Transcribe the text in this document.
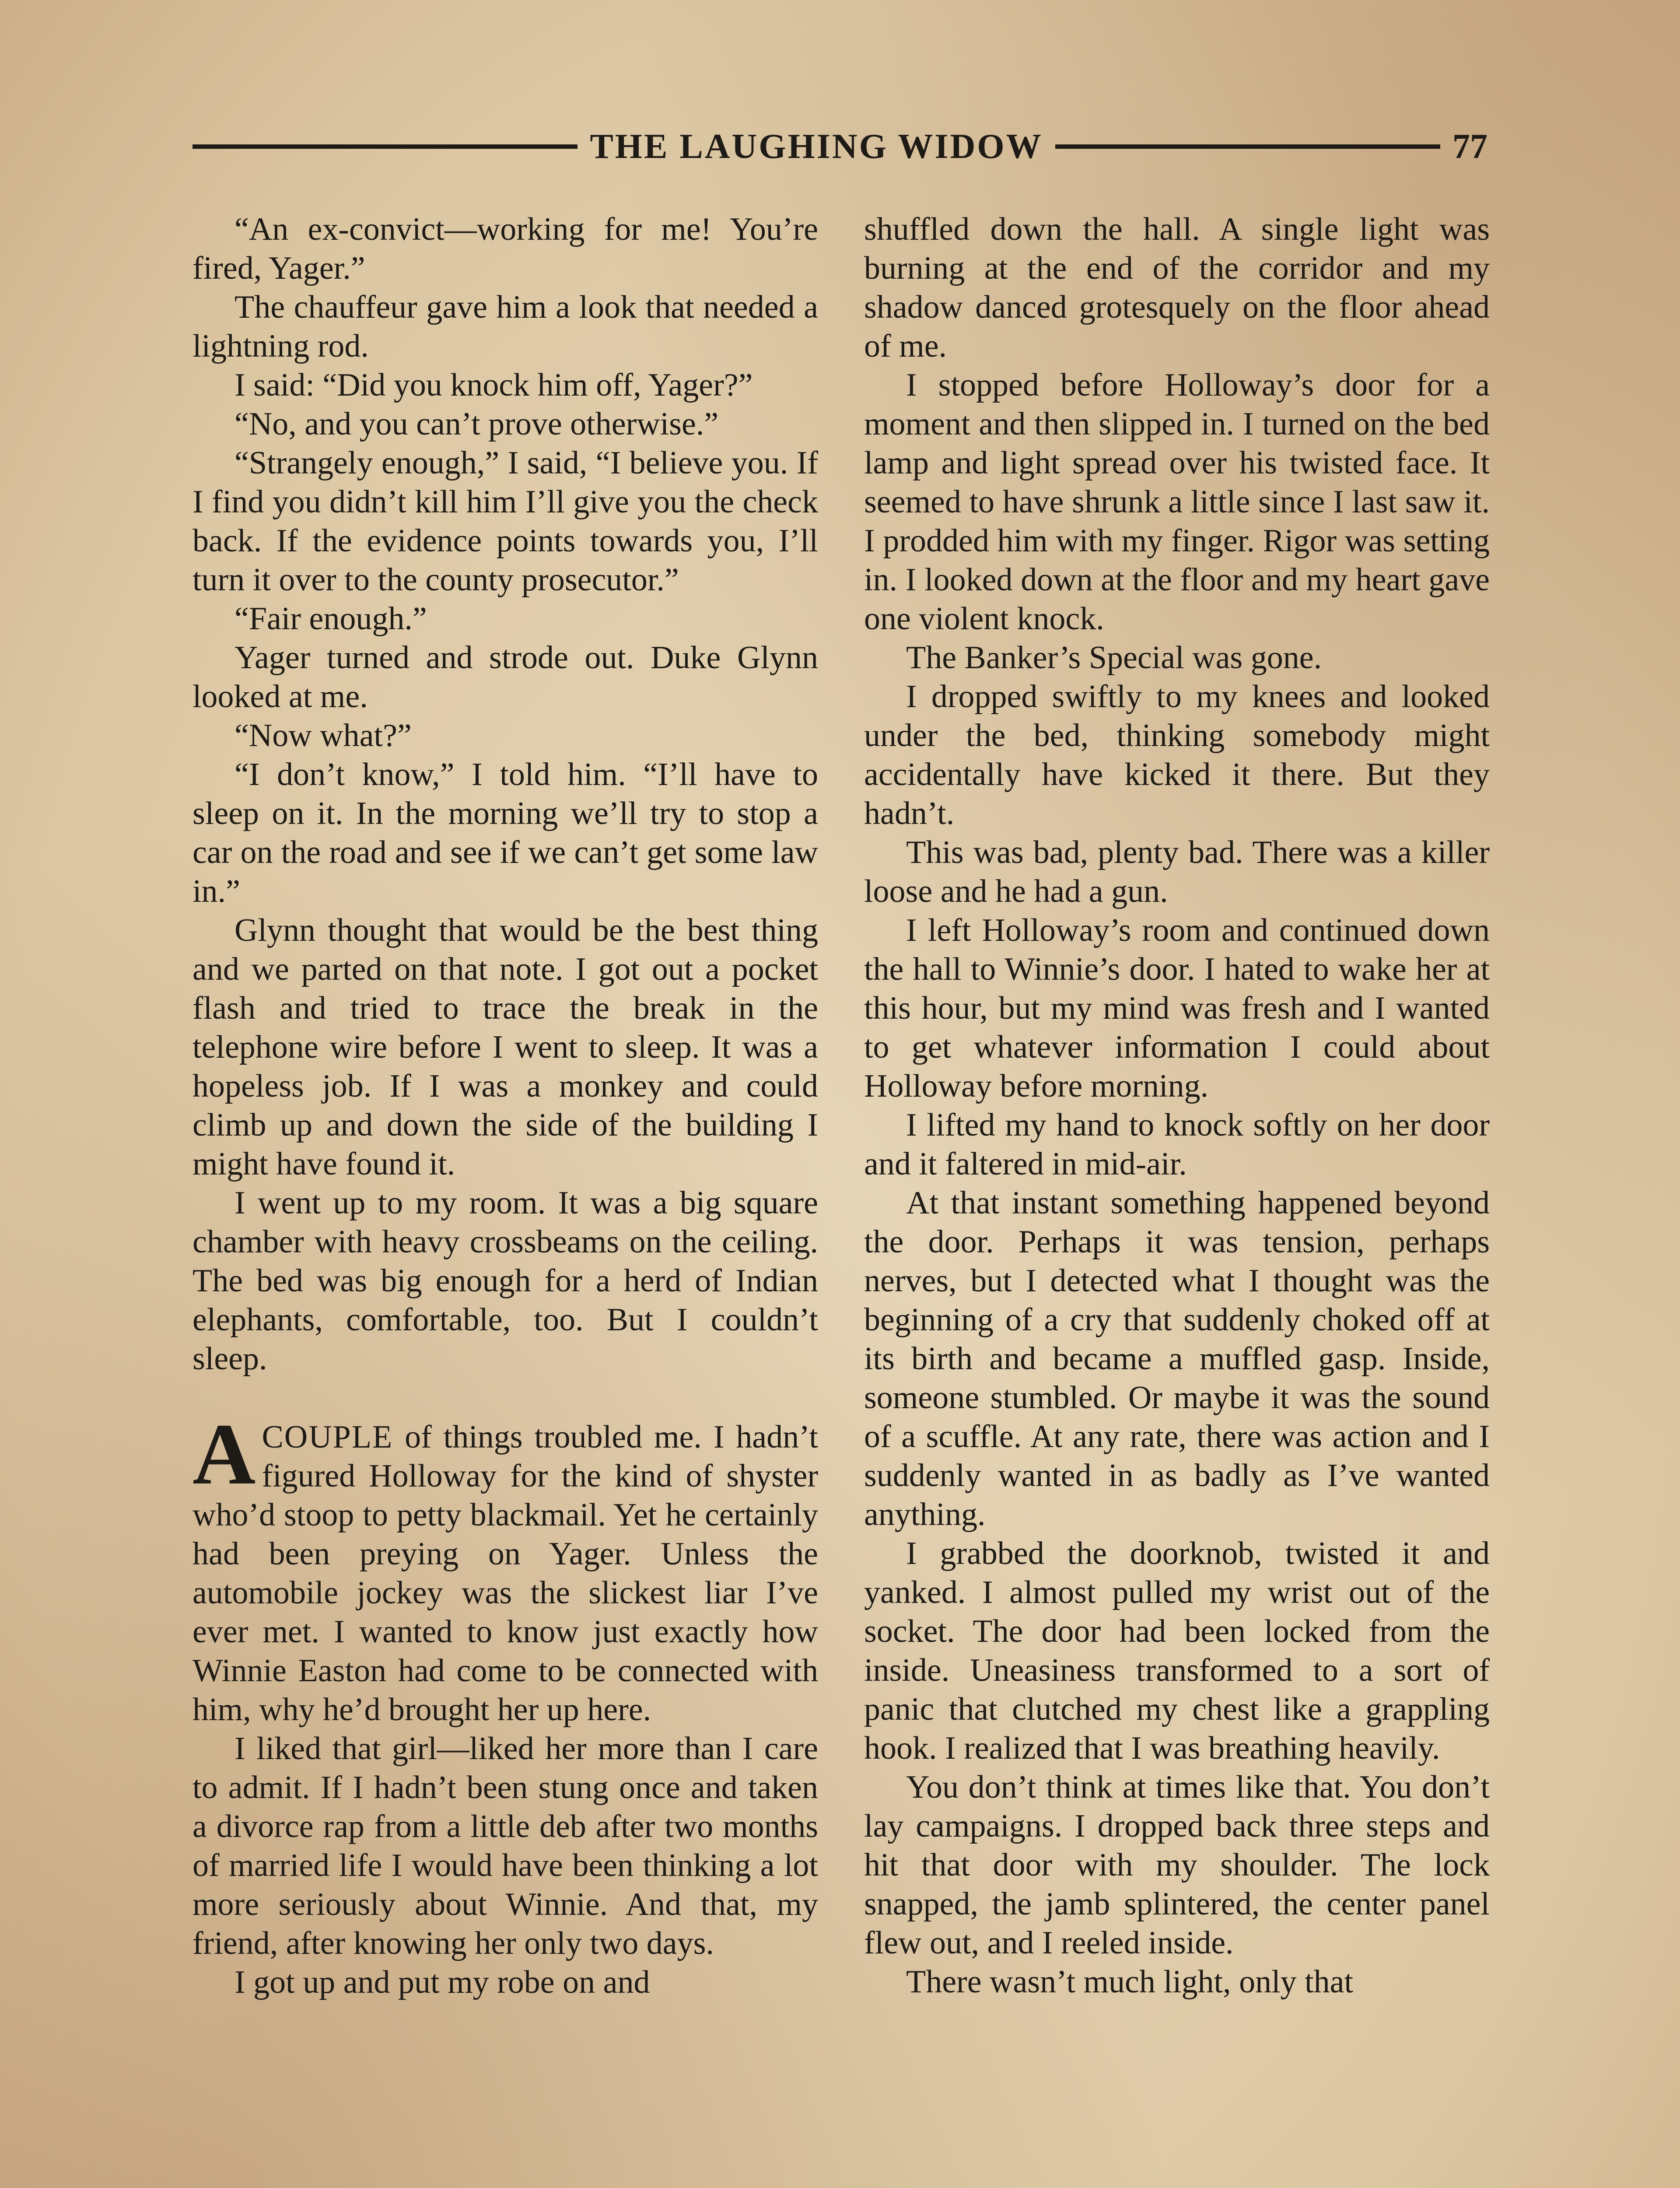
THE LAUGHING WIDOW	77

“An ex-convict—working for me! You’re fired, Yager.”

The chauffeur gave him a look that needed a lightning rod.

I said: “Did you knock him off, Yager?”

“No, and you can’t prove otherwise.”

“Strangely enough,” I said, “I believe you. If I find you didn’t kill him I’ll give you the check back. If the evidence points towards you, I’ll turn it over to the county prosecutor.”

“Fair enough.”

Yager turned and strode out. Duke Glynn looked at me.

“Now what?”

“I don’t know,” I told him. “I’ll have to sleep on it. In the morning we’ll try to stop a car on the road and see if we can’t get some law in.”

Glynn thought that would be the best thing and we parted on that note. I got out a pocket flash and tried to trace the break in the telephone wire before I went to sleep. It was a hopeless job. If I was a monkey and could climb up and down the side of the building I might have found it.

I went up to my room. It was a big square chamber with heavy crossbeams on the ceiling. The bed was big enough for a herd of Indian elephants, comfortable, too. But I couldn’t sleep.

ACOUPLE of things troubled me. I hadn’t figured Holloway for the kind of shyster who’d stoop to petty blackmail. Yet he certainly had been preying on Yager. Unless the automobile jockey was the slickest liar I’ve ever met. I wanted to know just exactly how Winnie Easton had come to be connected with him, why he’d brought her up here.

I liked that girl—liked her more than I care to admit. If I hadn’t been stung once and taken a divorce rap from a little deb after two months of married life I would have been thinking a lot more seriously about Winnie. And that, my friend, after knowing her only two days.

I got up and put my robe on and

shuffled down the hall. A single light was burning at the end of the corridor and my shadow danced grotesquely on the floor ahead of me.

I stopped before Holloway’s door for a moment and then slipped in. I turned on the bed lamp and light spread over his twisted face. It seemed to have shrunk a little since I last saw it. I prodded him with my finger. Rigor was setting in. I looked down at the floor and my heart gave one violent knock.

The Banker’s Special was gone.

I dropped swiftly to my knees and looked under the bed, thinking somebody might accidentally have kicked it there. But they hadn’t.

This was bad, plenty bad. There was a killer loose and he had a gun.

I left Holloway’s room and continued down the hall to Winnie’s door. I hated to wake her at this hour, but my mind was fresh and I wanted to get whatever information I could about Holloway before morning.

I lifted my hand to knock softly on her door and it faltered in mid-air.

At that instant something happened beyond the door. Perhaps it was tension, perhaps nerves, but I detected what I thought was the beginning of a cry that suddenly choked off at its birth and became a muffled gasp. Inside, someone stumbled. Or maybe it was the sound of a scuffle. At any rate, there was action and I suddenly wanted in as badly as I’ve wanted anything.

I grabbed the doorknob, twisted it and yanked. I almost pulled my wrist out of the socket. The door had been locked from the inside. Uneasiness transformed to a sort of panic that clutched my chest like a grappling hook. I realized that I was breathing heavily.

You don’t think at times like that. You don’t lay campaigns. I dropped back three steps and hit that door with my shoulder. The lock snapped, the jamb splintered, the center panel flew out, and I reeled inside.

There wasn’t much light, only that
